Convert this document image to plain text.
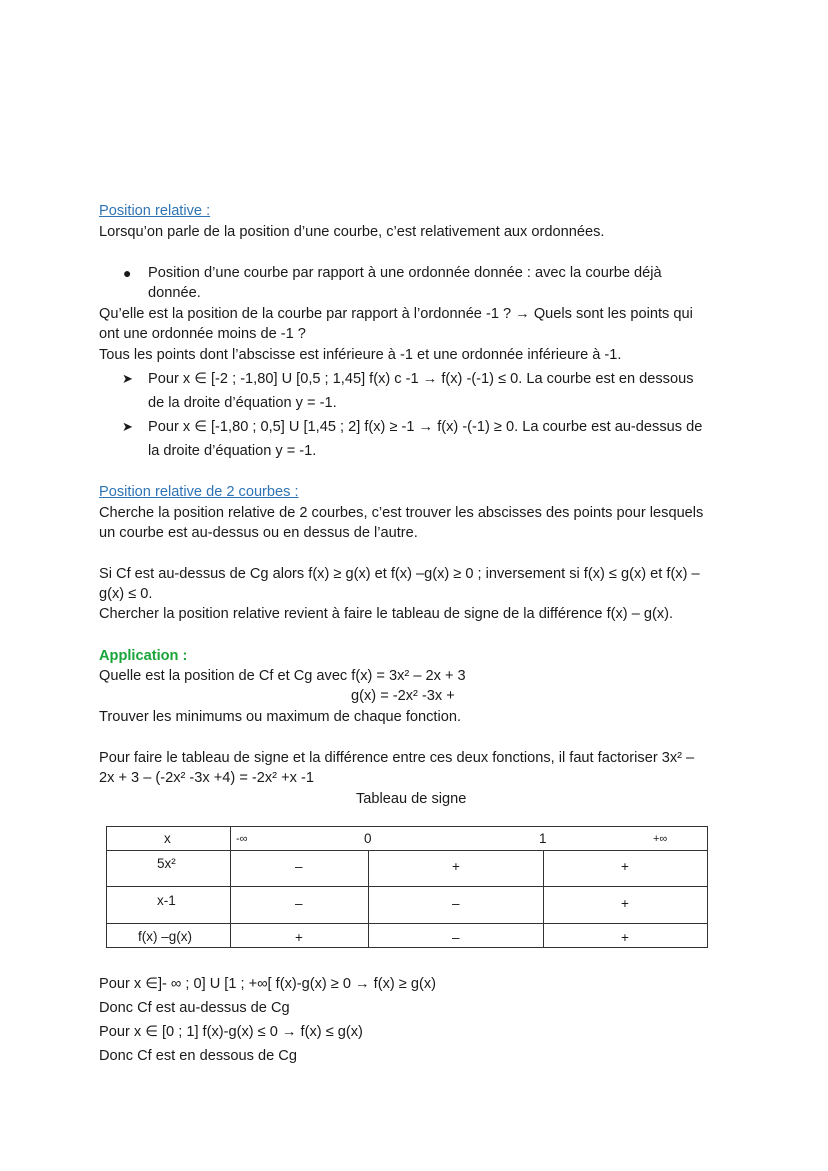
Position relative :
Lorsqu’on parle de la position d’une courbe, c’est relativement aux ordonnées.
● Position d’une courbe par rapport à une ordonnée donnée : avec la courbe déjà
donnée.
Qu’elle est la position de la courbe par rapport à l’ordonnée -1 ? → Quels sont les points qui
ont une ordonnée moins de -1 ?
Tous les points dont l’abscisse est inférieure à -1 et une ordonnée inférieure à -1.
➤ Pour x ∈ [-2 ; -1,80] U [0,5 ; 1,45] f(x) c -1 → f(x) -(-1) ≤ 0. La courbe est en dessous
de la droite d’équation y = -1.
➤ Pour x ∈ [-1,80 ; 0,5] U [1,45 ; 2] f(x) ≥ -1 → f(x) -(-1) ≥ 0. La courbe est au-dessus de
la droite d’équation y = -1.
Position relative de 2 courbes :
Cherche la position relative de 2 courbes, c’est trouver les abscisses des points pour lesquels
un courbe est au-dessus ou en dessus de l’autre.
Si Cf est au-dessus de Cg alors f(x) ≥ g(x) et f(x) –g(x) ≥ 0 ; inversement si f(x) ≤ g(x) et f(x) –
g(x) ≤ 0.
Chercher la position relative revient à faire le tableau de signe de la différence f(x) – g(x).
Application :
Quelle est la position de Cf et Cg avec f(x) = 3x² – 2x + 3
g(x) = -2x² -3x +
Trouver les minimums ou maximum de chaque fonction.
Pour faire le tableau de signe et la différence entre ces deux fonctions, il faut factoriser 3x² –
2x + 3 – (-2x² -3x +4) = -2x² +x -1
Tableau de signe
x	-∞	0	1	+∞
5x²	–	+	+
x-1	–	–	+
f(x) –g(x)	+	–	+
Pour x ∈]- ∞ ; 0] U [1 ; +∞[ f(x)-g(x) ≥ 0 → f(x) ≥ g(x)
Donc Cf est au-dessus de Cg
Pour x ∈ [0 ; 1] f(x)-g(x) ≤ 0 → f(x) ≤ g(x)
Donc Cf est en dessous de Cg
